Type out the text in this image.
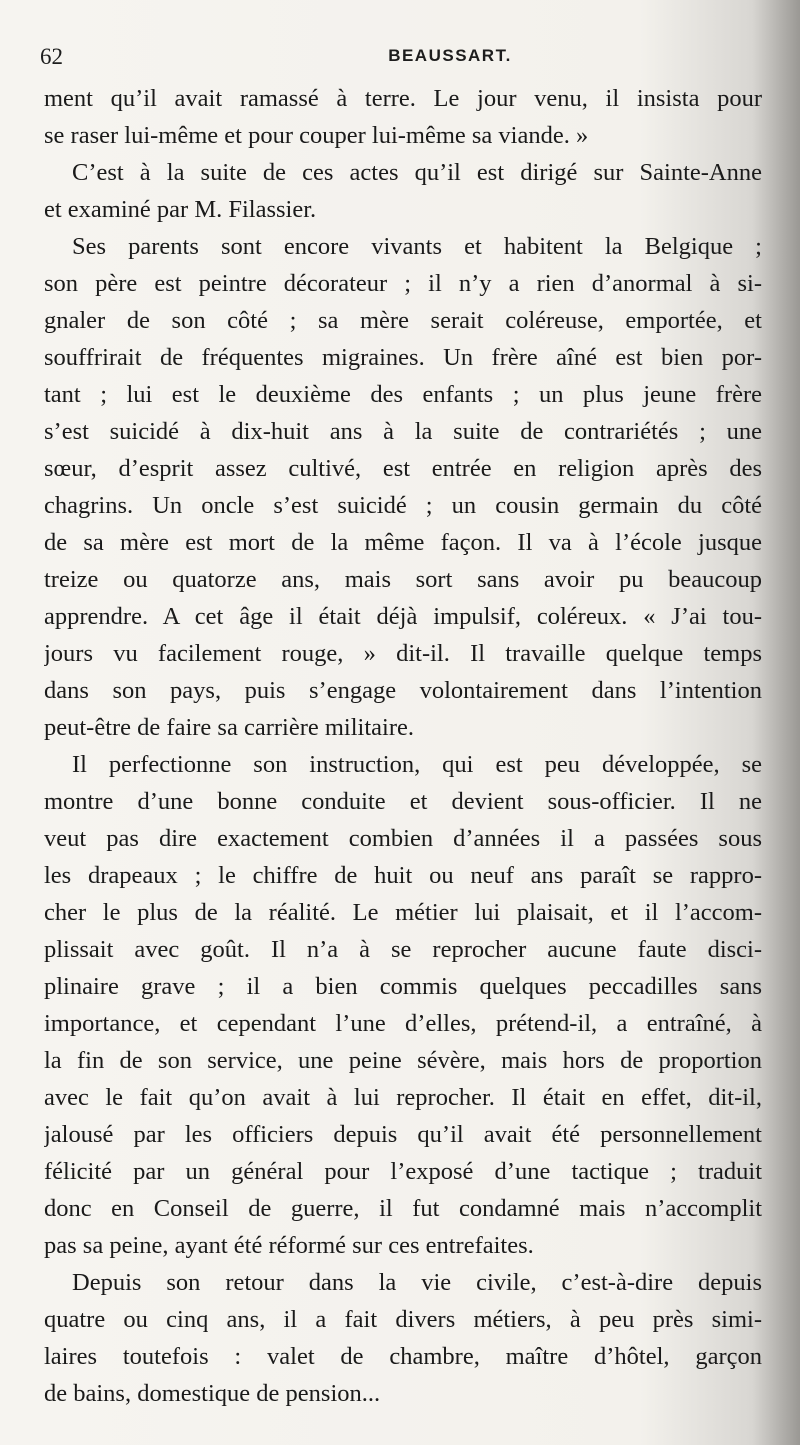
62	BEAUSSART.
ment qu’il avait ramassé à terre. Le jour venu, il insista pour
se raser lui-même et pour couper lui-même sa viande. »
C’est à la suite de ces actes qu’il est dirigé sur Sainte-Anne
et examiné par M. Filassier.
Ses parents sont encore vivants et habitent la Belgique ;
son père est peintre décorateur ; il n’y a rien d’anormal à si-
gnaler de son côté ; sa mère serait coléreuse, emportée, et
souffrirait de fréquentes migraines. Un frère aîné est bien por-
tant ; lui est le deuxième des enfants ; un plus jeune frère
s’est suicidé à dix-huit ans à la suite de contrariétés ; une
sœur, d’esprit assez cultivé, est entrée en religion après des
chagrins. Un oncle s’est suicidé ; un cousin germain du côté
de sa mère est mort de la même façon. Il va à l’école jusque
treize ou quatorze ans, mais sort sans avoir pu beaucoup
apprendre. A cet âge il était déjà impulsif, coléreux. « J’ai tou-
jours vu facilement rouge, » dit-il. Il travaille quelque temps
dans son pays, puis s’engage volontairement dans l’intention
peut-être de faire sa carrière militaire.
Il perfectionne son instruction, qui est peu développée, se
montre d’une bonne conduite et devient sous-officier. Il ne
veut pas dire exactement combien d’années il a passées sous
les drapeaux ; le chiffre de huit ou neuf ans paraît se rappro-
cher le plus de la réalité. Le métier lui plaisait, et il l’accom-
plissait avec goût. Il n’a à se reprocher aucune faute disci-
plinaire grave ; il a bien commis quelques peccadilles sans
importance, et cependant l’une d’elles, prétend-il, a entraîné, à
la fin de son service, une peine sévère, mais hors de proportion
avec le fait qu’on avait à lui reprocher. Il était en effet, dit-il,
jalousé par les officiers depuis qu’il avait été personnellement
félicité par un général pour l’exposé d’une tactique ; traduit
donc en Conseil de guerre, il fut condamné mais n’accomplit
pas sa peine, ayant été réformé sur ces entrefaites.
Depuis son retour dans la vie civile, c’est-à-dire depuis
quatre ou cinq ans, il a fait divers métiers, à peu près simi-
laires toutefois : valet de chambre, maître d’hôtel, garçon
de bains, domestique de pension...
